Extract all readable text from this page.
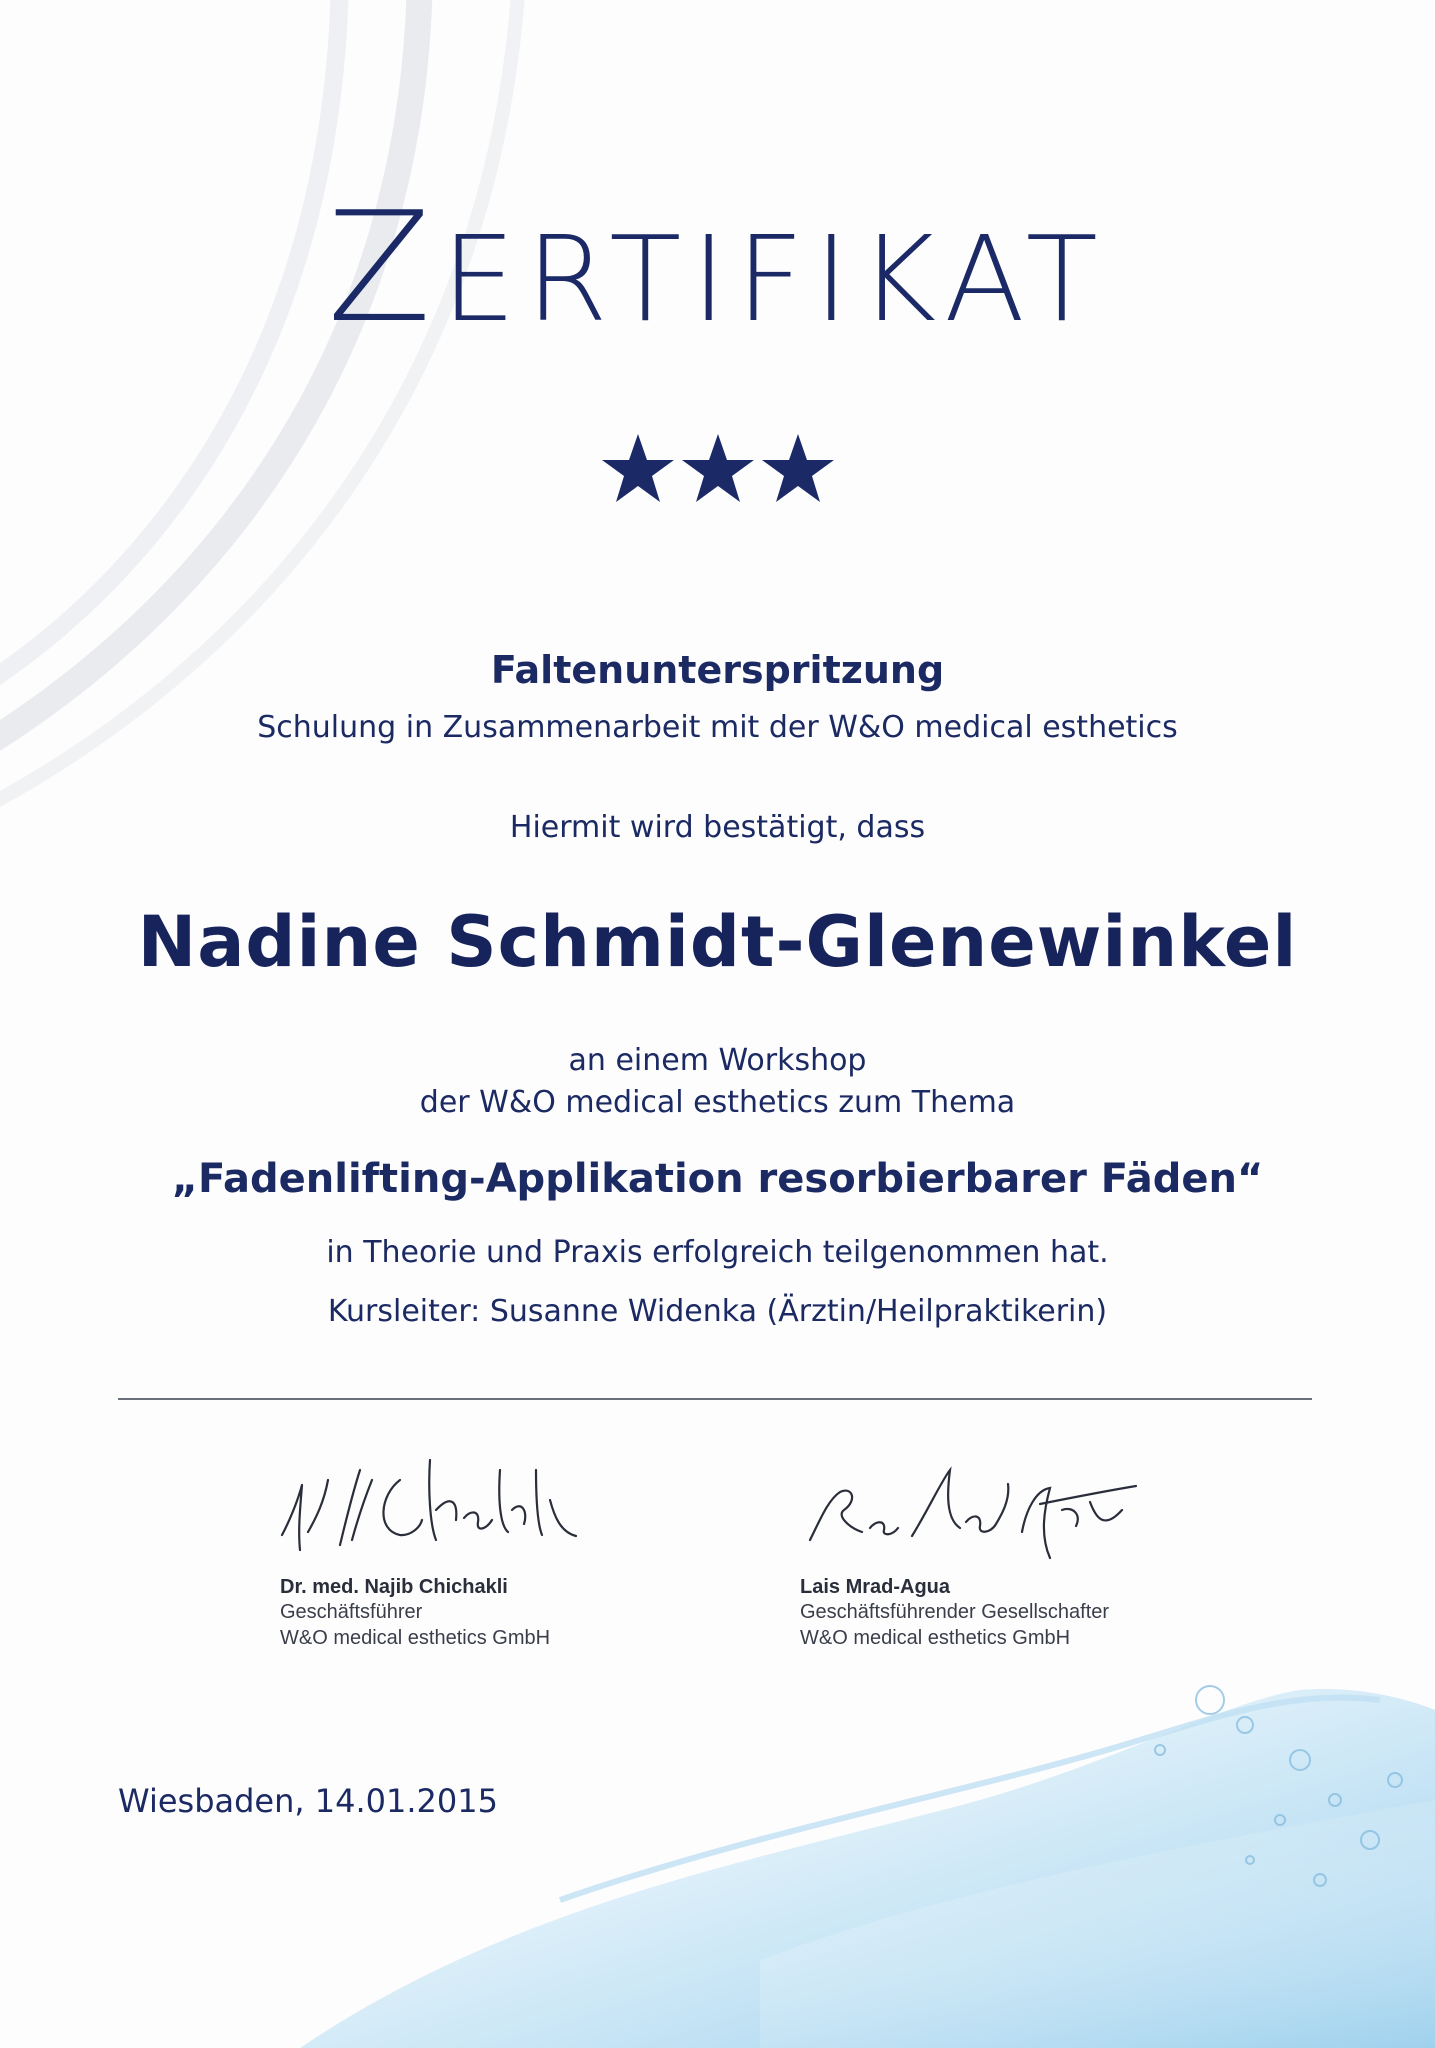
ZERTIFIKAT
Faltenunterspritzung
Schulung in Zusammenarbeit mit der W&O medical esthetics
Hiermit wird bestätigt, dass
Nadine Schmidt-Glenewinkel
an einem Workshop
der W&O medical esthetics zum Thema
„Fadenlifting-Applikation resorbierbarer Fäden“
in Theorie und Praxis erfolgreich teilgenommen hat.
Kursleiter: Susanne Widenka (Ärztin/Heilpraktikerin)
Dr. med. Najib Chichakli
Geschäftsführer
W&O medical esthetics GmbH
Lais Mrad-Agua
Geschäftsführender Gesellschafter
W&O medical esthetics GmbH
Wiesbaden, 14.01.2015
